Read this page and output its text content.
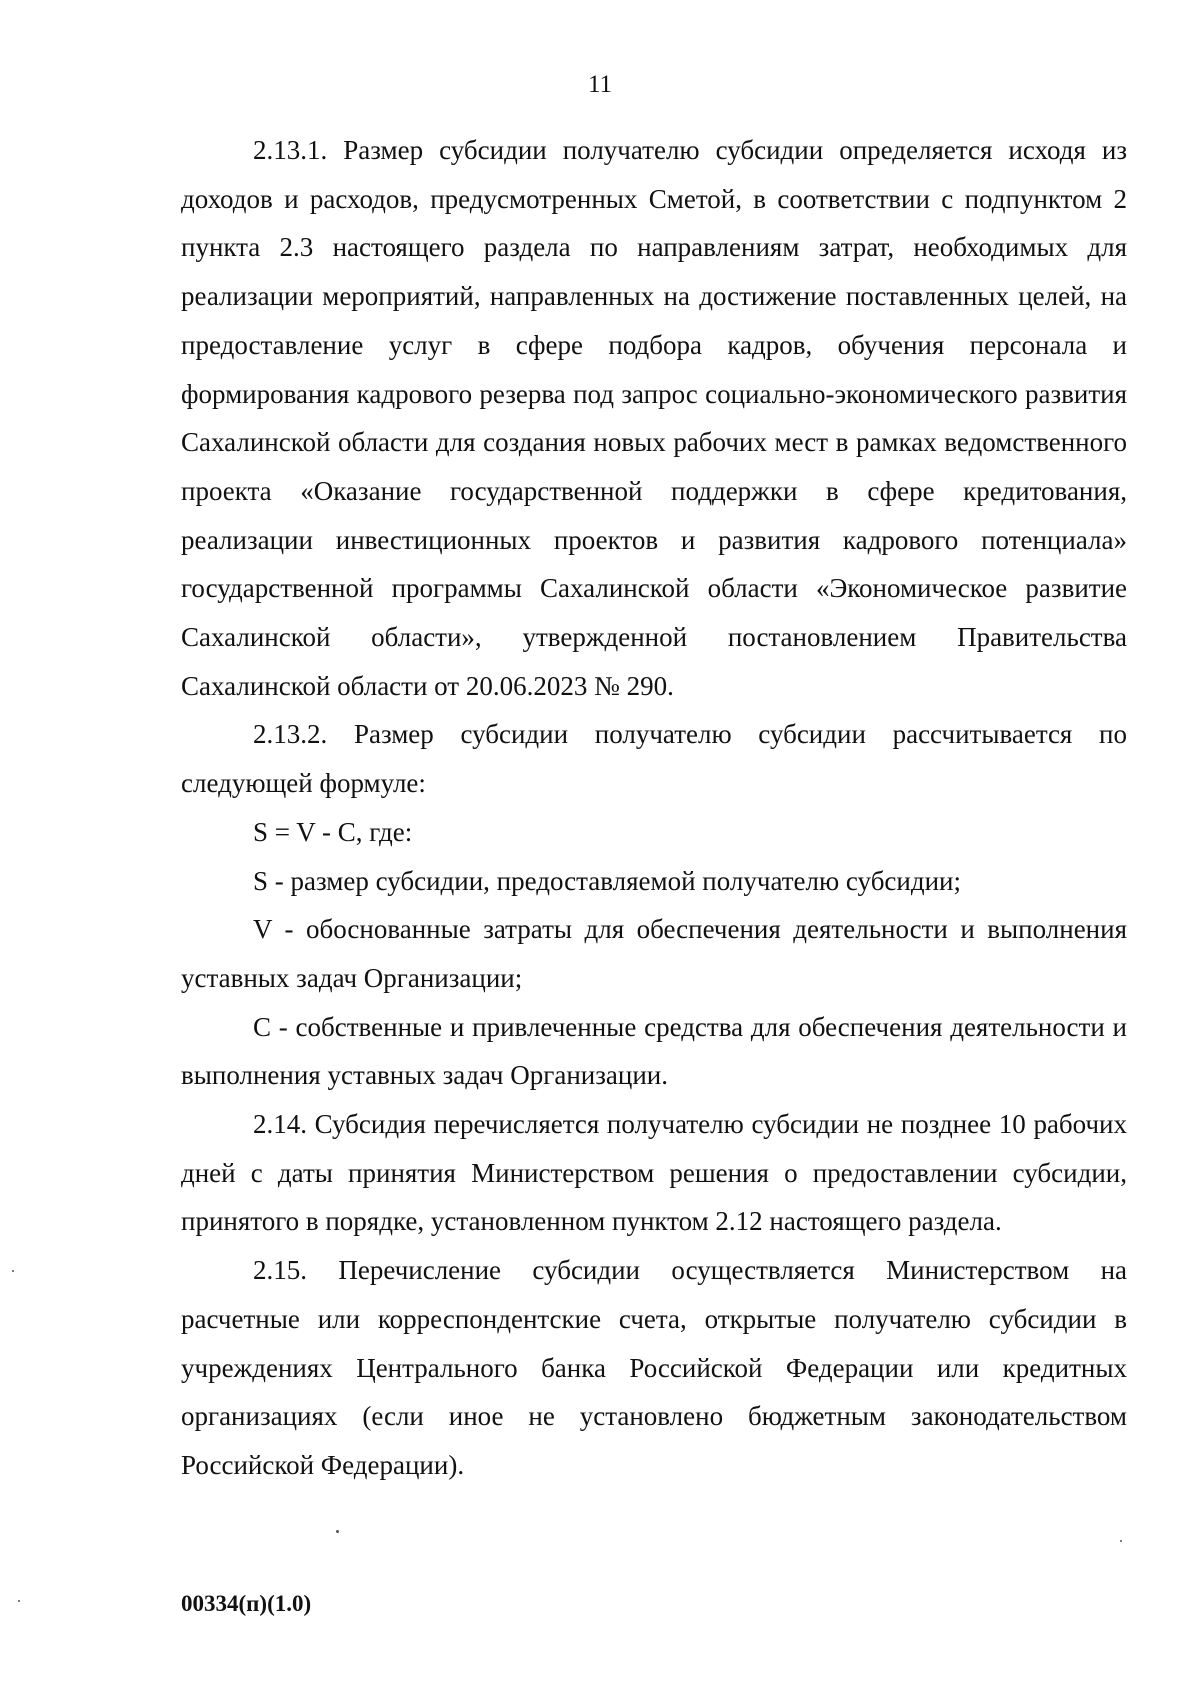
11

2.13.1. Размер субсидии получателю субсидии определяется исходя из доходов и расходов, предусмотренных Сметой, в соответствии с подпунктом 2 пункта 2.3 настоящего раздела по направлениям затрат, необходимых для реализации мероприятий, направленных на достижение поставленных целей, на предоставление услуг в сфере подбора кадров, обучения персонала и формирования кадрового резерва под запрос социально-экономического развития Сахалинской области для создания новых рабочих мест в рамках ведомственного проекта «Оказание государственной поддержки в сфере кредитования, реализации инвестиционных проектов и развития кадрового потенциала» государственной программы Сахалинской области «Экономическое развитие Сахалинской области», утвержденной постановлением Правительства Сахалинской области от 20.06.2023 № 290.

2.13.2. Размер субсидии получателю субсидии рассчитывается по следующей формуле:

S = V - C, где:

S - размер субсидии, предоставляемой получателю субсидии;

V - обоснованные затраты для обеспечения деятельности и выполнения уставных задач Организации;

C - собственные и привлеченные средства для обеспечения деятельности и выполнения уставных задач Организации.

2.14. Субсидия перечисляется получателю субсидии не позднее 10 рабочих дней с даты принятия Министерством решения о предоставлении субсидии, принятого в порядке, установленном пунктом 2.12 настоящего раздела.

2.15. Перечисление субсидии осуществляется Министерством на расчетные или корреспондентские счета, открытые получателю субсидии в учреждениях Центрального банка Российской Федерации или кредитных организациях (если иное не установлено бюджетным законодательством Российской Федерации).

00334(п)(1.0)
